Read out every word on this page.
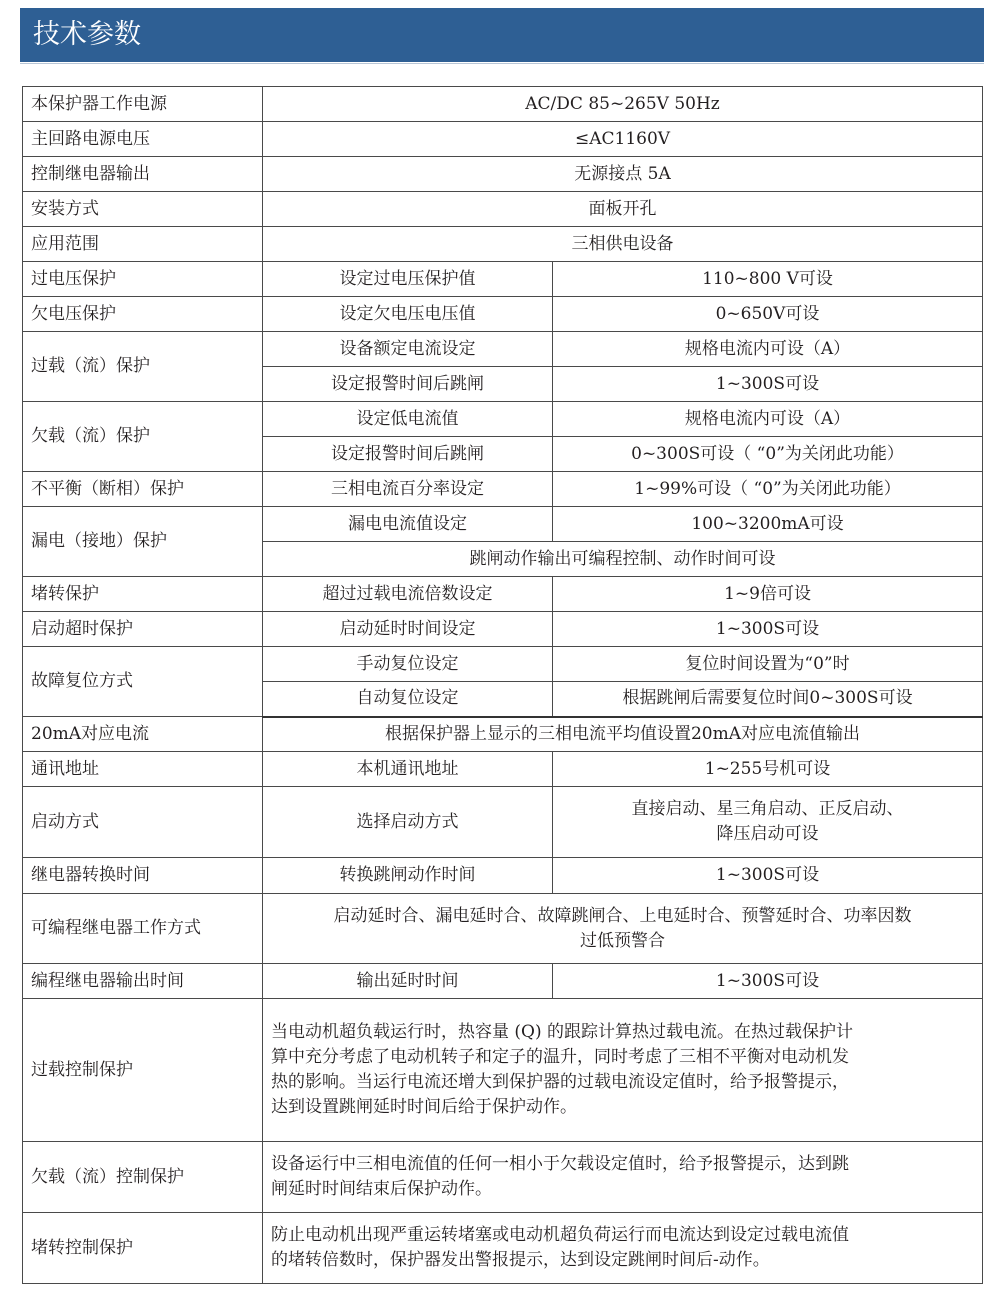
技术参数
本保护器工作电源	AC/DC 85~265V 50Hz	
主回路电源电压	≤AC1160V	
控制继电器输出	无源接点 5A	
安装方式	面板开孔	
应用范围	三相供电设备	
过电压保护	设定过电压保护值	110~800 V可设
欠电压保护	设定欠电压电压值	0~650V可设
过载（流）保护	设备额定电流设定	规格电流内可设（A）
	设定报警时间后跳闸	1~300S可设
欠载（流）保护	设定低电流值	规格电流内可设（A）
	设定报警时间后跳闸	0~300S可设（ “0”为关闭此功能）
不平衡（断相）保护	三相电流百分率设定	1~99%可设（ “0”为关闭此功能）
漏电（接地）保护	漏电电流值设定	100~3200mA可设
	跳闸动作输出可编程控制、动作时间可设	
堵转保护	超过过载电流倍数设定	1~9倍可设
启动超时保护	启动延时时间设定	1~300S可设
故障复位方式	手动复位设定	复位时间设置为“0”时
	自动复位设定	根据跳闸后需要复位时间0~300S可设
20mA对应电流	根据保护器上显示的三相电流平均值设置20mA对应电流值输出	
通讯地址	本机通讯地址	1~255号机可设
启动方式	选择启动方式	直接启动、星三角启动、正反启动、
降压启动可设

继电器转换时间	转换跳闸动作时间	1~300S可设
可编程继电器工作方式	启动延时合、漏电延时合、故障跳闸合、上电延时合、预警延时合、功率因数
过低预警合	

编程继电器输出时间	输出延时时间	1~300S可设
过载控制保护	当电动机超负载运行时，热容量 (Q) 的跟踪计算热过载电流。在热过载保护计
算中充分考虑了电动机转子和定子的温升，同时考虑了三相不平衡对电动机发
热的影响。当运行电流还增大到保护器的过载电流设定值时，给予报警提示，
达到设置跳闸延时时间后给于保护动作。	

欠载（流）控制保护	设备运行中三相电流值的任何一相小于欠载设定值时，给予报警提示，达到跳
闸延时时间结束后保护动作。	

堵转控制保护	防止电动机出现严重运转堵塞或电动机超负荷运行而电流达到设定过载电流值
的堵转倍数时，保护器发出警报提示，达到设定跳闸时间后-动作。	
